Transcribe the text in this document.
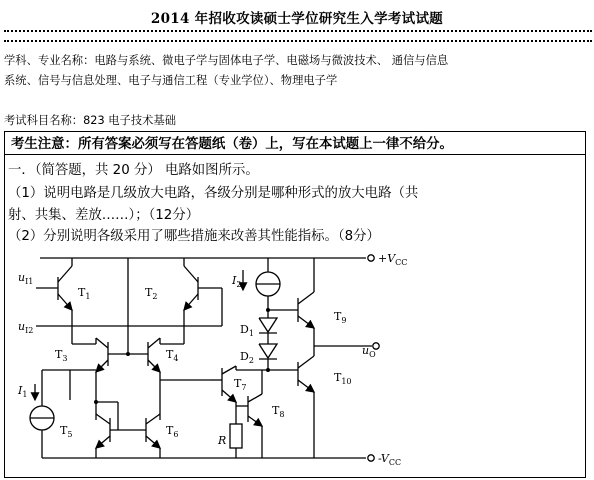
2014 年招收攻读硕士学位研究生入学考试试题
学科、专业名称：电路与系统、微电子学与固体电子学、电磁场与微波技术、 通信与信息
系统、信号与信息处理、电子与通信工程（专业学位）、物理电子学
考试科目名称：823 电子技术基础
考生注意：所有答案必须写在答题纸（卷）上，写在本试题上一律不给分。
一．（简答题，共 20 分） 电路如图所示。
（1）说明电路是几级放大电路，各级分别是哪种形式的放大电路（共
射、共集、差放……）；（12分）
（2）分别说明各级采用了哪些措施来改善其性能指标。（8分）
$u_{I1}$
$u_{I2}$
$+V_{CC}$
$-V_{CC}$
$u_O$
$I_1$
$I_2$
R
$T_1$	$T_2$
$T_3$	$T_4$
$T_5$	$T_6$
$T_7$
$T_8$
$T_9$
$T_{10}$
$D_1$
$D_2$
